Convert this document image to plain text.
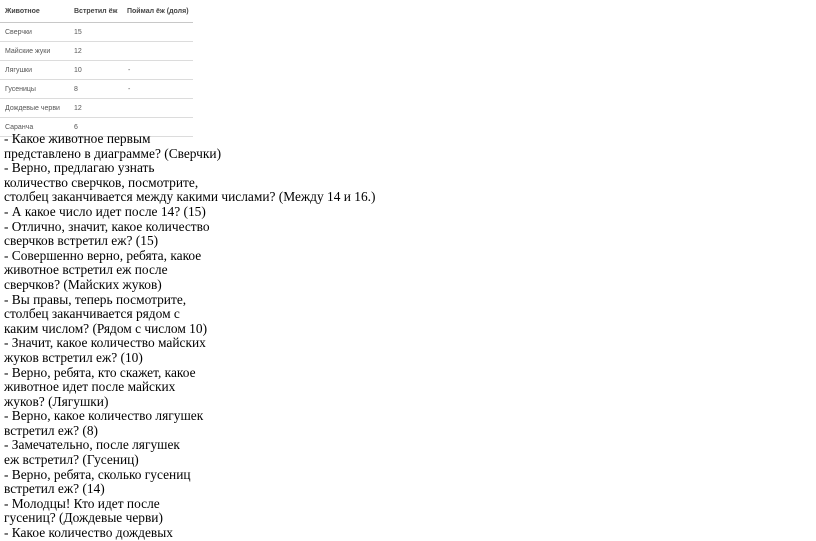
Животное	Встретил ёж	Поймал ёж (доля)
Сверчки	15	
Майские жуки	12	
Лягушки	10	-
Гусеницы	8	-
Дождевые черви	12	
Саранча	6	
- Какое животное первым
представлено в диаграмме? (Сверчки)
- Верно, предлагаю узнать
количество сверчков, посмотрите,
столбец заканчивается между какими числами? (Между 14 и 16.)
- А какое число идет после 14? (15)
- Отлично, значит, какое количество
сверчков встретил еж? (15)
- Совершенно верно, ребята, какое
животное встретил еж после
сверчков? (Майских жуков)
- Вы правы, теперь посмотрите,
столбец заканчивается рядом с
каким числом? (Рядом с числом 10)
- Значит, какое количество майских
жуков встретил еж? (10)
- Верно, ребята, кто скажет, какое
животное идет после майских
жуков? (Лягушки)
- Верно, какое количество лягушек
встретил еж? (8)
- Замечательно, после лягушек
еж встретил? (Гусениц)
- Верно, ребята, сколько гусениц
встретил еж? (14)
- Молодцы! Кто идет после
гусениц? (Дождевые черви)
- Какое количество дождевых
